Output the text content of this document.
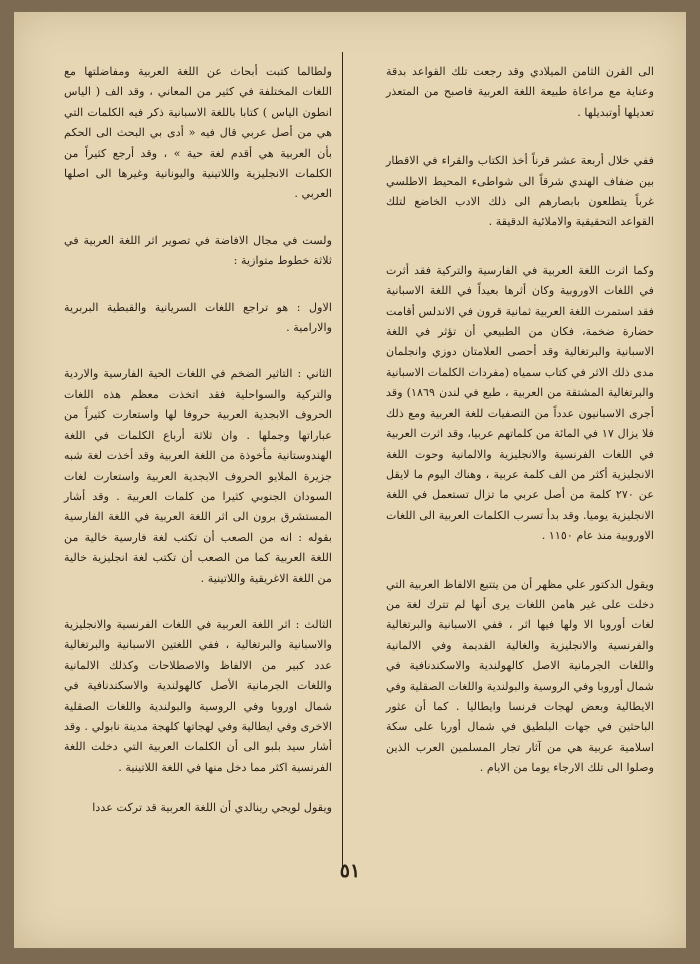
الى القرن الثامن الميلادي وقد رجعت تلك القواعد بدقة وعناية مع مراعاة طبيعة اللغة العربية فاصبح من المتعذر تعديلها أوتبديلها .

ففي خلال أربعة عشر قرناً أخذ الكتاب والقراء في الاقطار بين ضفاف الهندي شرقاً الى شواطىء المحيط الاطلسي غرباً يتطلعون بابصارهم الى ذلك الادب الخاضع لتلك القواعد التحقيقية والاملائية الدقيقة .

وكما اثرت اللغة العربية في الفارسية والتركية فقد أثرت في اللغات الاوروبية وكان أثرها بعيداً في اللغة الاسبانية فقد استمرت اللغة العربية ثمانية قرون في الاندلس أقامت حضارة ضخمة، فكان من الطبيعي أن تؤثر في اللغة الاسبانية والبرتغالية وقد أحصى العلامتان دوزي وانجلمان مدى ذلك الاثر في كتاب سمياه (مفردات الكلمات الاسبانية والبرتغالية المشتقة من العربية ، طبع في لندن ١٨٦٩) وقد أجرى الاسبانيون عدداً من التصفيات للغة العربية ومع ذلك فلا يزال ١٧ في المائة من كلماتهم عربيا، وقد اثرت العربية في اللغات الفرنسية والانجليزية والالمانية وحوت اللغة الانجليزية أكثر من الف كلمة عربية ، وهناك اليوم ما لايقل عن ٢٧٠ كلمة من أصل عربي ما تزال تستعمل في اللغة الانجليزية يوميا. وقد بدأ تسرب الكلمات العربية الى اللغات الاوروبية منذ عام ١١٥٠ .

ويقول الدكتور علي مظهر أن من يتتبع الالفاظ العربية التي دخلت على غير هامن اللغات يرى أنها لم تترك لغة من لغات أوروبا الا ولها فيها اثر ، ففي الاسبانية والبرتغالية والفرنسية والانجليزية والغالية القديمة وفي الالمانية واللغات الجرمانية الاصل كالهولندية والاسكندنافية في شمال أوروبا وفي الروسية والبولندية واللغات الصقلية وفي الايطالية وبعض لهجات فرنسا وايطاليا . كما أن عثور الباحثين في جهات البلطيق في شمال أوربا على سكة اسلامية عربية هي من آثار تجار المسلمين العرب الذين وصلوا الى تلك الارجاء يوما من الايام .

ولطالما كتبت أبحاث عن اللغة العربية ومفاضلتها مع اللغات المختلفة في كثير من المعاني ، وقد الف ( الياس انطون الياس ) كتابا باللغة الاسبانية ذكر فيه الكلمات التي هي من أصل عربي قال فيه « أدى بي البحث الى الحكم بأن العربية هي أقدم لغة حية » ، وقد أرجع كثيراً من الكلمات الانجليزية واللاتينية واليونانية وغيرها الى اصلها العربي .

ولست في مجال الافاضة في تصوير اثر اللغة العربية في ثلاثة خطوط متوازية :

الاول : هو تراجع اللغات السريانية والقبطية البربرية والارامية .

الثاني : التاثير الضخم في اللغات الحية الفارسية والاردية والتركية والسواحلية فقد اتخذت معظم هذه اللغات الحروف الابجدية العربية حروفا لها واستعارت كثيراً من عباراتها وجملها . وان ثلاثة أرباع الكلمات في اللغة الهندوستانية مأخوذة من اللغة العربية وقد أخذت لغة شبه جزيرة الملايو الحروف الابجدية العربية واستعارت لغات السودان الجنوبي كثيرا من كلمات العربية . وقد أشار المستشرق برون الى اثر اللغة العربية في اللغة الفارسية بقوله : انه من الصعب أن تكتب لغة فارسية خالية من اللغة العربية كما من الصعب أن تكتب لغة انجليزية خالية من اللغة الاغريقية واللاتينية .

الثالث : اثر اللغة العربية في اللغات الفرنسية والانجليزية والاسبانية والبرتغالية ، ففي اللغتين الاسبانية والبرتغالية عدد كبير من الالفاظ والاصطلاحات وكذلك الالمانية واللغات الجرمانية الأصل كالهولندية والاسكندنافية في شمال اوروبا وفي الروسية والبولندية واللغات الصقلية الاخرى وفي ايطالية وفي لهجاتها كلهجة مدينة نابولي . وقد أشار سيد بلبو الى أن الكلمات العربية التي دخلت اللغة الفرنسية اكثر مما دخل منها في اللغة اللاتينية .

ويقول لويجي رينالدي أن اللغة العربية قد تركت عددا

٥١
